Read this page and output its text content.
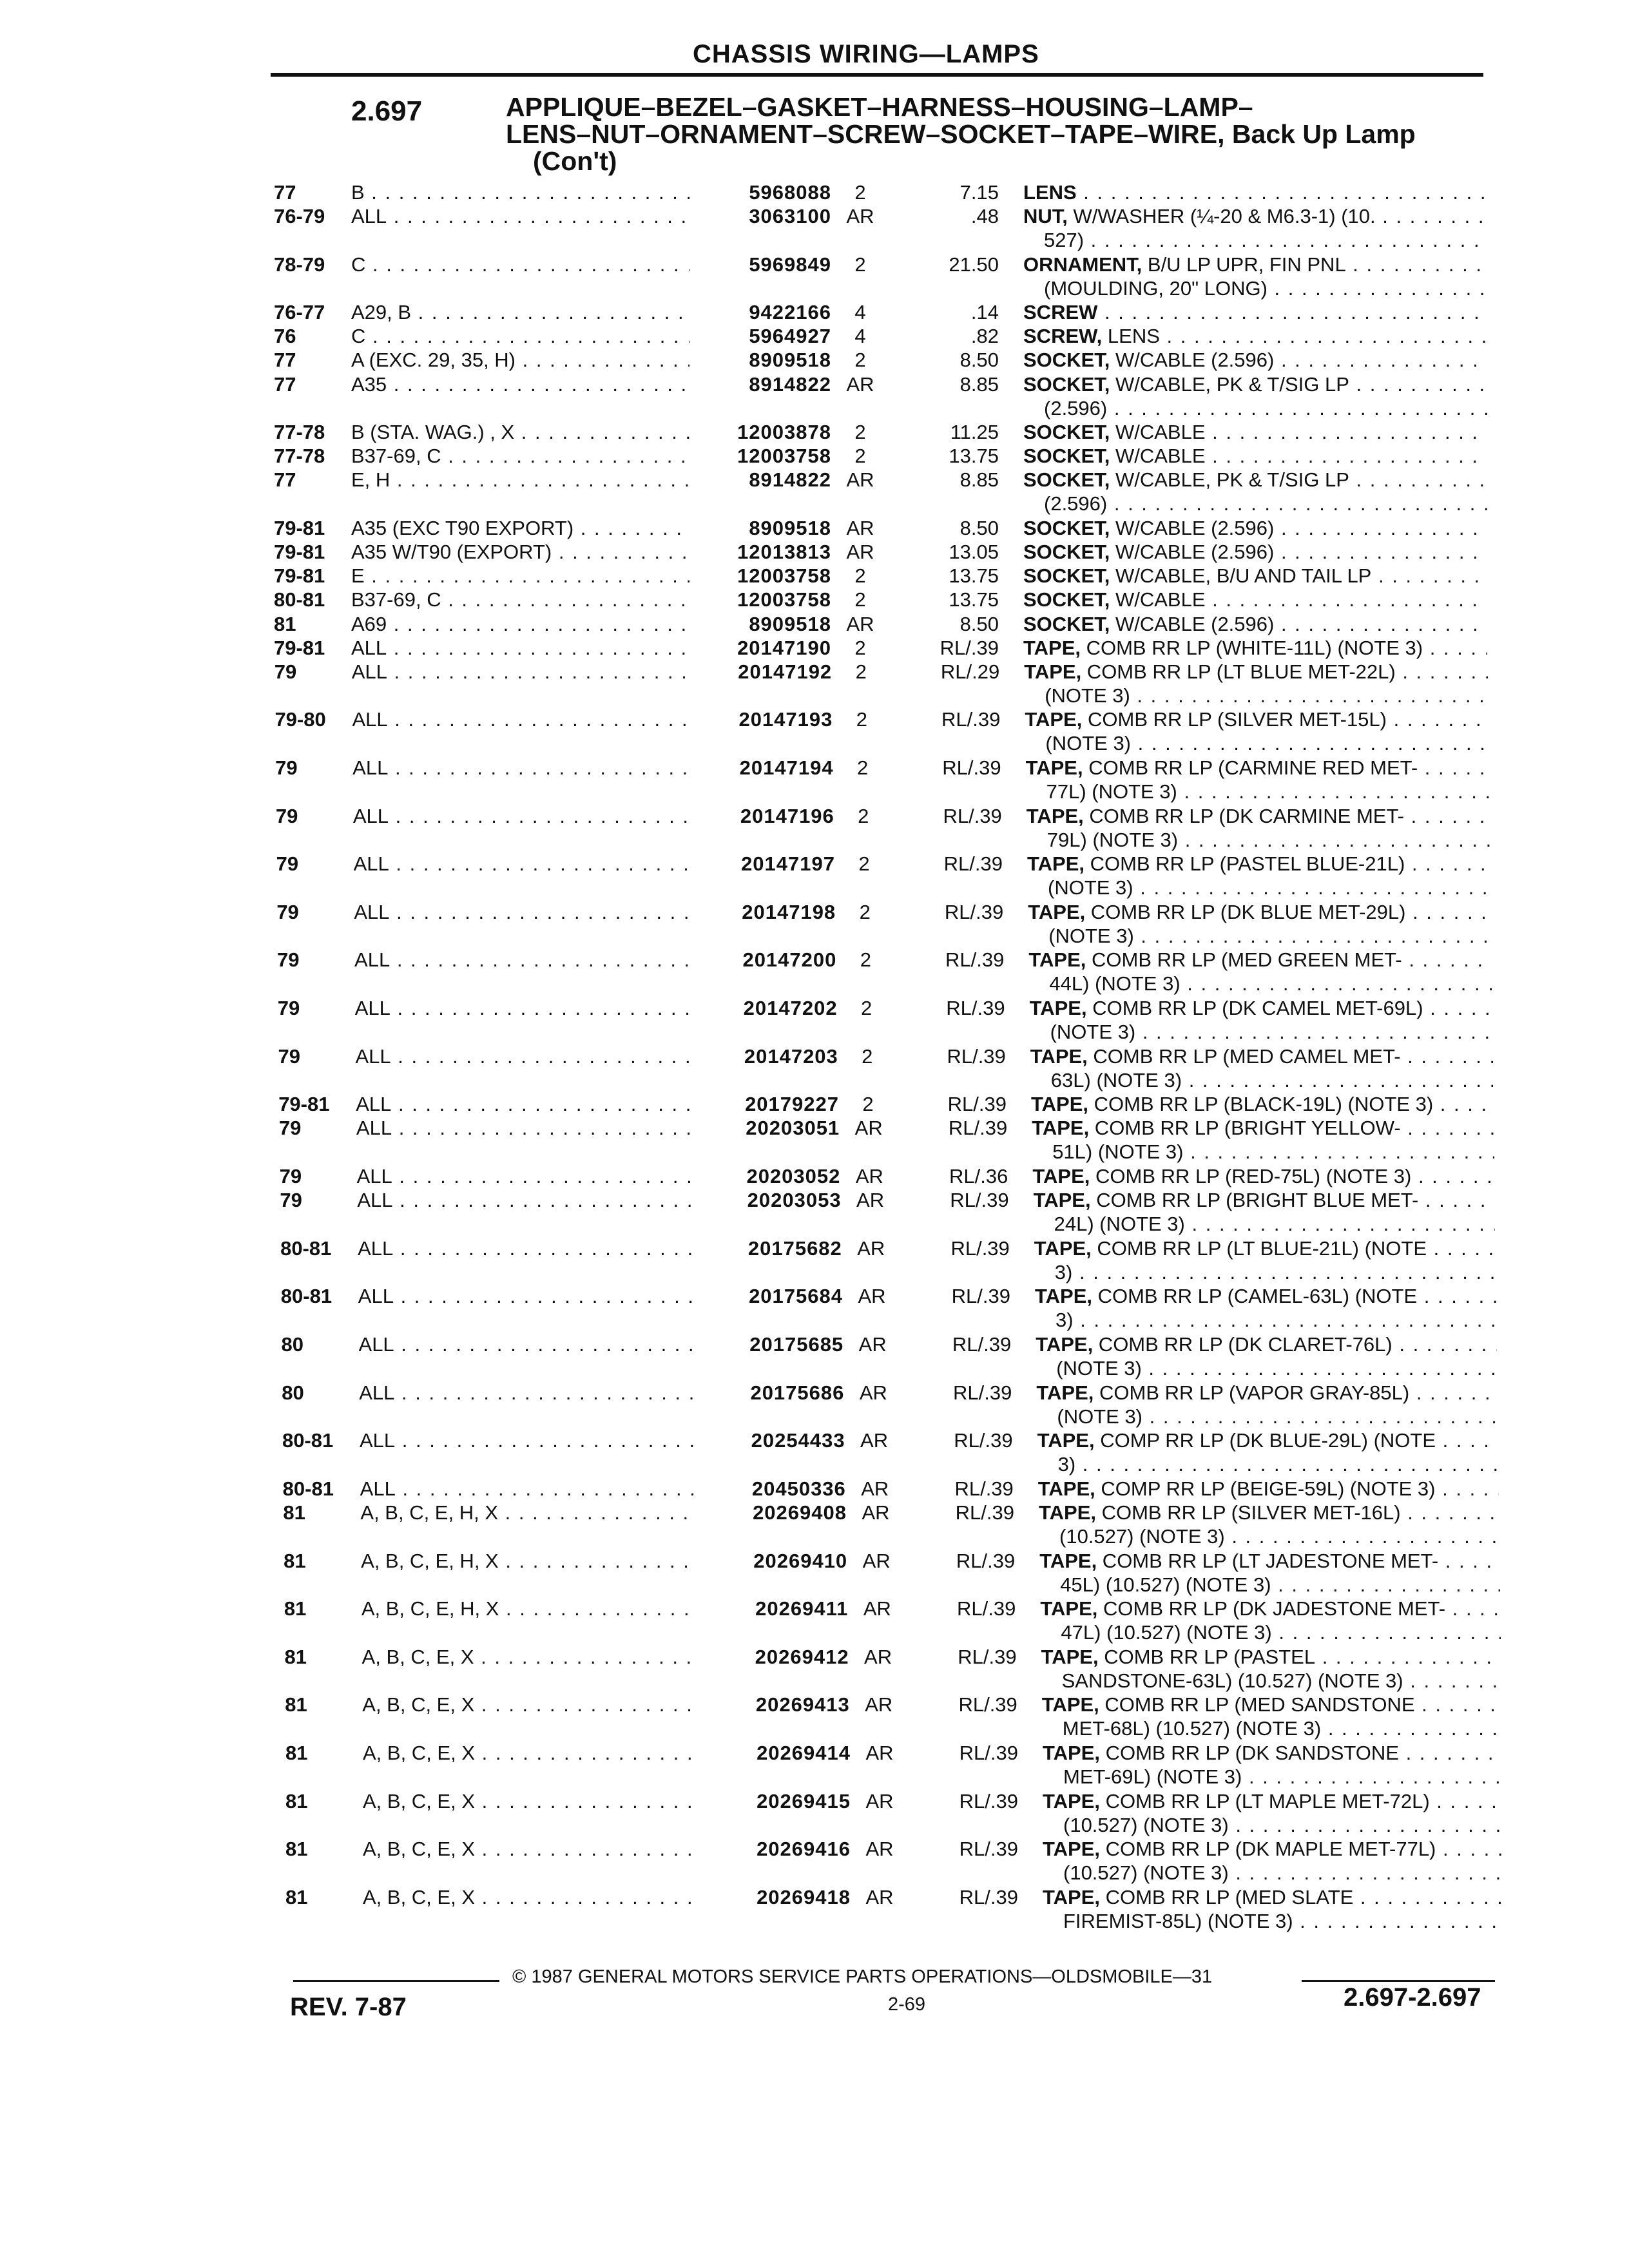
CHASSIS WIRING—LAMPS
2.697	APPLIQUE–BEZEL–GASKET–HARNESS–HOUSING–LAMP–
LENS–NUT–ORNAMENT–SCREW–SOCKET–TAPE–WIRE, Back Up Lamp
(Con't)
77	B . . .	5968088	2	7.15 LENS . . .
76-79 ALL . . .	3063100 AR	.48 NUT, W/WASHER (¼-20 & M6.3-1) (10. . . .
527) . . .
78-79 C . . .	5969849	2	21.50 ORNAMENT, B/U LP UPR, FIN PNL . . .
(MOULDING, 20" LONG) . . .
76-77 A29, B . . .	9422166	4	.14 SCREW . . .
76	C . . .	5964927	4	.82 SCREW, LENS . . .
77	A (EXC. 29, 35, H) . . .	8909518	2	8.50 SOCKET, W/CABLE (2.596) . . .
77	A35 . . .	8914822 AR	8.85 SOCKET, W/CABLE, PK & T/SIG LP . . .
(2.596) . . .
77-78 B (STA. WAG.) , X . . .	12003878	2	11.25 SOCKET, W/CABLE . . .
77-78 B37-69, C . . .	12003758	2	13.75 SOCKET, W/CABLE . . .
77	E, H . . .	8914822 AR	8.85 SOCKET, W/CABLE, PK & T/SIG LP . . .
(2.596) . . .
79-81 A35 (EXC T90 EXPORT) . . .	8909518 AR	8.50 SOCKET, W/CABLE (2.596) . . .
79-81 A35 W/T90 (EXPORT) . . .	12013813 AR	13.05 SOCKET, W/CABLE (2.596) . . .
79-81 E . . .	12003758	2	13.75 SOCKET, W/CABLE, B/U AND TAIL LP . . .
80-81 B37-69, C . . .	12003758	2	13.75 SOCKET, W/CABLE . . .
81	A69 . . .	8909518 AR	8.50 SOCKET, W/CABLE (2.596) . . .
79-81 ALL . . .	20147190	2	RL/.39 TAPE, COMB RR LP (WHITE-11L) (NOTE 3) . . .
79	ALL . . .	20147192	2	RL/.29 TAPE, COMB RR LP (LT BLUE MET-22L) . . .
(NOTE 3) . . .
79-80 ALL . . .	20147193	2	RL/.39 TAPE, COMB RR LP (SILVER MET-15L) . . .
(NOTE 3) . . .
79	ALL . . .	20147194	2	RL/.39 TAPE, COMB RR LP (CARMINE RED MET- . . .
77L) (NOTE 3) . . .
79	ALL . . .	20147196	2	RL/.39 TAPE, COMB RR LP (DK CARMINE MET- . . .
79L) (NOTE 3) . . .
79	ALL . . .	20147197	2	RL/.39 TAPE, COMB RR LP (PASTEL BLUE-21L) . . .
(NOTE 3) . . .
79	ALL . . .	20147198	2	RL/.39 TAPE, COMB RR LP (DK BLUE MET-29L) . . .
(NOTE 3) . . .
79	ALL . . .	20147200	2	RL/.39 TAPE, COMB RR LP (MED GREEN MET- . . .
44L) (NOTE 3) . . .
79	ALL . . .	20147202	2	RL/.39 TAPE, COMB RR LP (DK CAMEL MET-69L) . . .
(NOTE 3) . . .
79	ALL . . .	20147203	2	RL/.39 TAPE, COMB RR LP (MED CAMEL MET- . . .
63L) (NOTE 3) . . .
79-81 ALL . . .	20179227	2	RL/.39 TAPE, COMB RR LP (BLACK-19L) (NOTE 3) . . .
79	ALL . . .	20203051 AR	RL/.39 TAPE, COMB RR LP (BRIGHT YELLOW- . . .
51L) (NOTE 3) . . .
79	ALL . . .	20203052 AR	RL/.36 TAPE, COMB RR LP (RED-75L) (NOTE 3) . . .
79	ALL . . .	20203053 AR	RL/.39 TAPE, COMB RR LP (BRIGHT BLUE MET- . . .
24L) (NOTE 3) . . .
80-81 ALL . . .	20175682 AR	RL/.39 TAPE, COMB RR LP (LT BLUE-21L) (NOTE . . .
3) . . .
80-81 ALL . . .	20175684 AR	RL/.39 TAPE, COMB RR LP (CAMEL-63L) (NOTE . . .
3) . . .
80	ALL . . .	20175685 AR	RL/.39 TAPE, COMB RR LP (DK CLARET-76L) . . .
(NOTE 3) . . .
80	ALL . . .	20175686 AR	RL/.39 TAPE, COMB RR LP (VAPOR GRAY-85L) . . .
(NOTE 3) . . .
80-81 ALL . . .	20254433 AR	RL/.39 TAPE, COMP RR LP (DK BLUE-29L) (NOTE . . .
3) . . .
80-81 ALL . . .	20450336 AR	RL/.39 TAPE, COMP RR LP (BEIGE-59L) (NOTE 3) . . .
81	A, B, C, E, H, X . . .	20269408 AR	RL/.39 TAPE, COMB RR LP (SILVER MET-16L) . . .
(10.527) (NOTE 3) . . .
81	A, B, C, E, H, X . . .	20269410 AR	RL/.39 TAPE, COMB RR LP (LT JADESTONE MET- . . .
45L) (10.527) (NOTE 3) . . .
81	A, B, C, E, H, X . . .	20269411 AR	RL/.39 TAPE, COMB RR LP (DK JADESTONE MET- . . .
47L) (10.527) (NOTE 3) . . .
81	A, B, C, E, X . . .	20269412 AR	RL/.39 TAPE, COMB RR LP (PASTEL . . .
SANDSTONE-63L) (10.527) (NOTE 3) . . .
81	A, B, C, E, X . . .	20269413 AR	RL/.39 TAPE, COMB RR LP (MED SANDSTONE . . .
MET-68L) (10.527) (NOTE 3) . . .
81	A, B, C, E, X . . .	20269414 AR	RL/.39 TAPE, COMB RR LP (DK SANDSTONE . . .
MET-69L) (NOTE 3) . . .
81	A, B, C, E, X . . .	20269415 AR	RL/.39 TAPE, COMB RR LP (LT MAPLE MET-72L) . . .
(10.527) (NOTE 3) . . .
81	A, B, C, E, X . . .	20269416 AR	RL/.39 TAPE, COMB RR LP (DK MAPLE MET-77L) . . .
(10.527) (NOTE 3) . . .
81	A, B, C, E, X . . .	20269418 AR	RL/.39 TAPE, COMB RR LP (MED SLATE . . .
FIREMIST-85L) (NOTE 3) . . .
© 1987 GENERAL MOTORS SERVICE PARTS OPERATIONS—OLDSMOBILE—31
REV. 7-87	2-69	2.697-2.697
